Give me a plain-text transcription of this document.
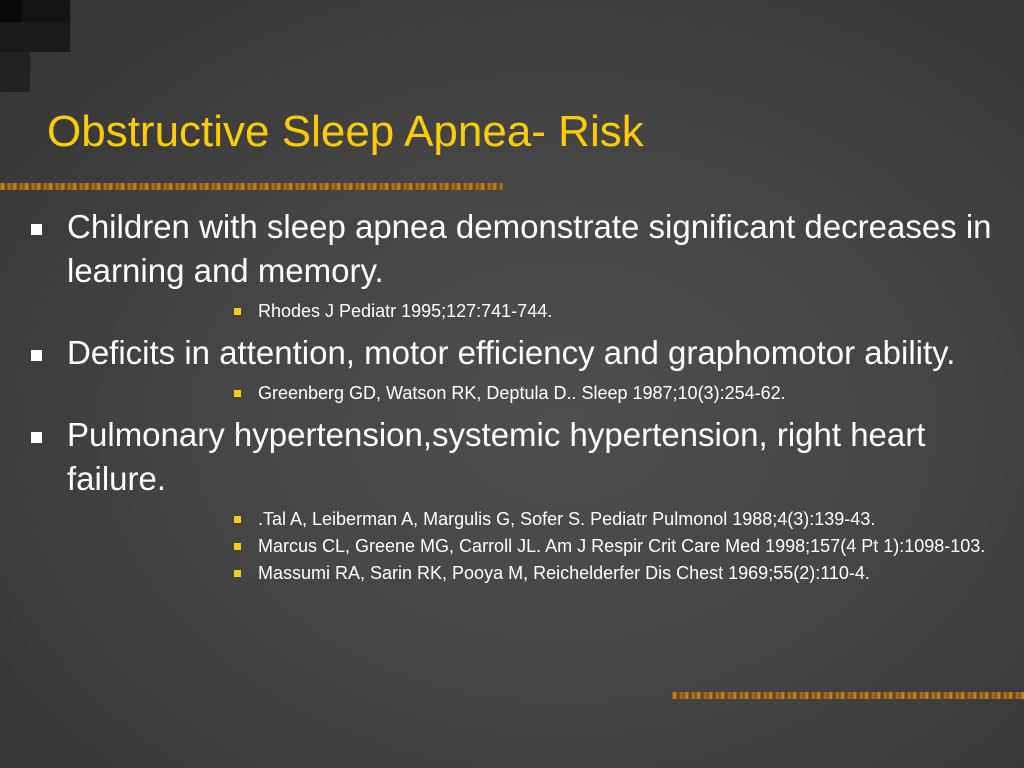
Obstructive Sleep Apnea- Risk
Children with sleep apnea demonstrate significant decreases in learning and memory.
Rhodes J Pediatr 1995;127:741-744.
Deficits in attention, motor efficiency and graphomotor ability.
Greenberg GD, Watson RK, Deptula D.. Sleep 1987;10(3):254-62.
Pulmonary hypertension,systemic hypertension, right heart failure.
.Tal A, Leiberman A, Margulis G, Sofer S. Pediatr Pulmonol 1988;4(3):139-43.
Marcus CL, Greene MG, Carroll JL. Am J Respir Crit Care Med 1998;157(4 Pt 1):1098-103.
Massumi RA, Sarin RK, Pooya M, Reichelderfer Dis Chest 1969;55(2):110-4.
